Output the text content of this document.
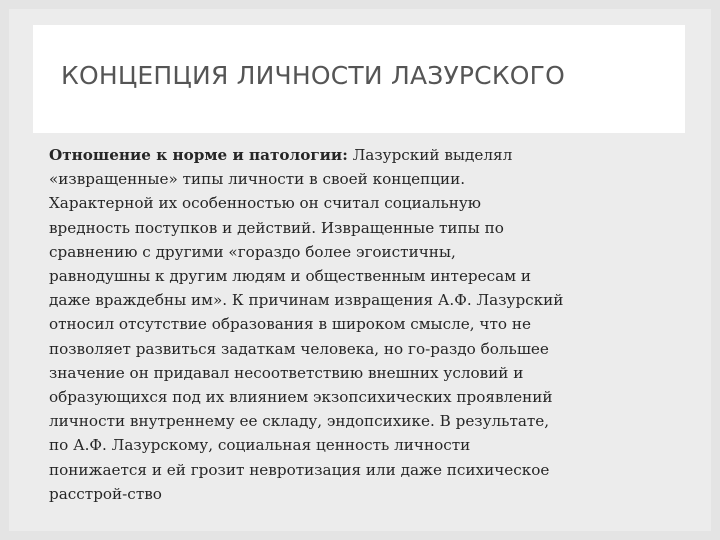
КОНЦЕПЦИЯ ЛИЧНОСТИ ЛАЗУРСКОГО
Отношение к норме и патологии: Лазурский выделял
«извращенные» типы личности в своей концепции.
Характерной их особенностью он считал социальную
вредность поступков и действий. Извращенные типы по
сравнению с другими «гораздо более эгоистичны,
равнодушны к другим людям и общественным интересам и
даже враждебны им». К причинам извращения А.Ф. Лазурский
относил отсутствие образования в широком смысле, что не
позволяет развиться задаткам человека, но го-раздо большее
значение он придавал несоответствию внешних условий и
образующихся под их влиянием экзопсихических проявлений
личности внутреннему ее складу, эндопсихике. В результате,
по А.Ф. Лазурскому, социальная ценность личности
понижается и ей грозит невротизация или даже психическое
расстрой-ство
